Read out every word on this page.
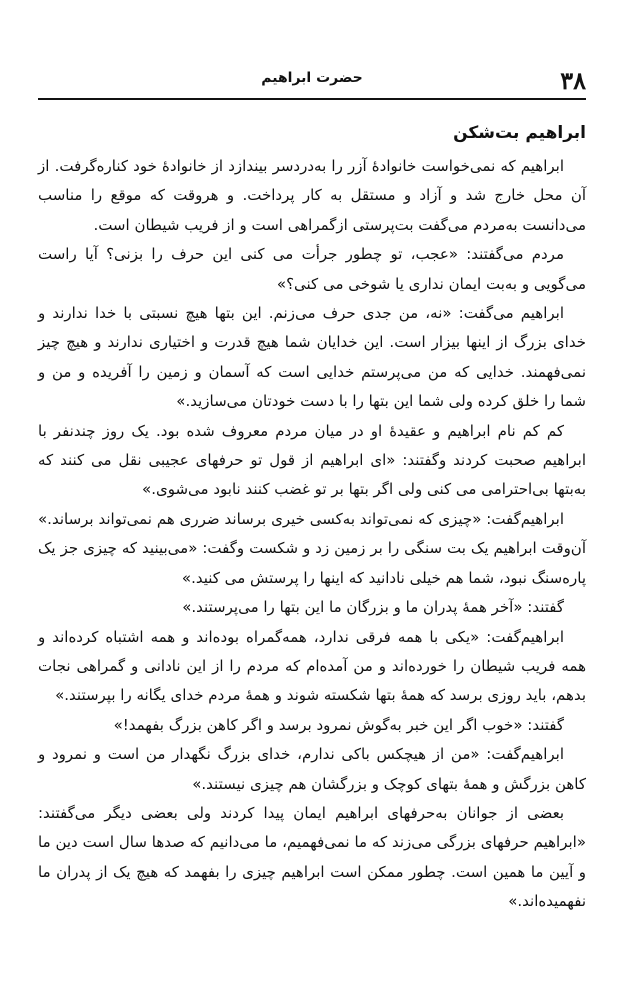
۳۸
حضرت ابراهیم
ابراهیم بت‌شکن

ابراهیم که نمی‌خواست خانوادهٔ آزر را به‌دردسر بیندازد از خانوادهٔ خود کناره‌گرفت. از آن محل خارج شد و آزاد و مستقل به کار پرداخت. و هروقت که موقع را مناسب می‌دانست به‌مردم می‌گفت بت‌پرستی ازگمراهی است و از فریب شیطان است.

مردم می‌گفتند: «عجب، تو چطور جرأت می کنی این حرف را بزنی؟ آیا راست می‌گویی و به‌بت ایمان نداری یا شوخی می کنی؟»

ابراهیم می‌گفت: «نه، من جدی حرف می‌زنم. این بتها هیچ نسبتی با خدا ندارند و خدای بزرگ از اینها بیزار است. این خدایان شما هیچ قدرت و اختیاری ندارند و هیچ چیز نمی‌فهمند. خدایی که من می‌پرستم خدایی است که آسمان و زمین را آفریده و من و شما را خلق کرده ولی شما این بتها را با دست خودتان می‌سازید.»

کم کم نام ابراهیم و عقیدهٔ او در میان مردم معروف شده بود. یک روز چندنفر با ابراهیم صحبت کردند وگفتند: «ای ابراهیم از قول تو حرفهای عجیبی نقل می کنند که به‌بتها بی‌احترامی می کنی ولی اگر بتها بر تو غضب کنند نابود می‌شوی.»

ابراهیم‌گفت: «چیزی که نمی‌تواند به‌کسی خیری برساند ضرری هم نمی‌تواند برساند.» آن‌وقت ابراهیم یک بت سنگی را بر زمین زد و شکست وگفت: «می‌بینید که چیزی جز یک پاره‌سنگ نبود، شما هم خیلی نادانید که اینها را پرستش می کنید.»

گفتند: «آخر همهٔ پدران ما و بزرگان ما این بتها را می‌پرستند.»

ابراهیم‌گفت: «یکی با همه فرقی ندارد، همه‌گمراه بوده‌اند و همه اشتباه کرده‌اند و همه فریب شیطان را خورده‌اند و من آمده‌ام که مردم را از این نادانی و گمراهی نجات بدهم، باید روزی برسد که همهٔ بتها شکسته شوند و همهٔ مردم خدای یگانه را بپرستند.»

گفتند: «خوب اگر این خبر به‌گوش نمرود برسد و اگر کاهن بزرگ بفهمد!»

ابراهیم‌گفت: «من از هیچکس باکی ندارم، خدای بزرگ نگهدار من است و نمرود و کاهن بزرگش و همهٔ بتهای کوچک و بزرگشان هم چیزی نیستند.»

بعضی از جوانان به‌حرفهای ابراهیم ایمان پیدا کردند ولی بعضی دیگر می‌گفتند: «ابراهیم حرفهای بزرگی می‌زند که ما نمی‌فهمیم، ما می‌دانیم که صدها سال است دین ما و آیین ما همین است. چطور ممکن است ابراهیم چیزی را بفهمد که هیچ یک از پدران ما نفهمیده‌اند.»
